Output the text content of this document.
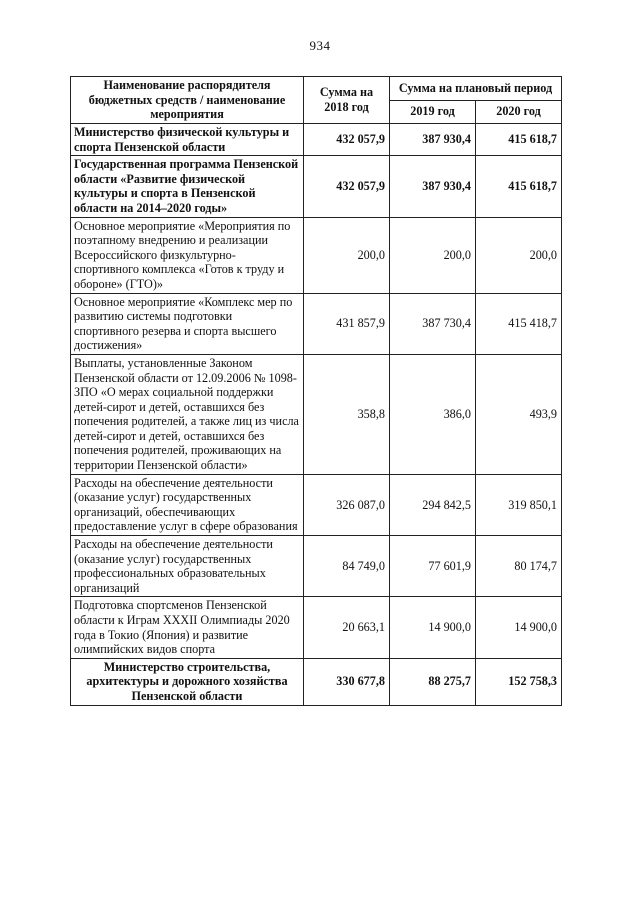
934
Наименование распорядителя бюджетных средств / наименование мероприятия	Сумма на 2018 год	Сумма на плановый период	
		2019 год	2020 год
Министерство физической культуры и спорта Пензенской области	432 057,9	387 930,4	415 618,7
Государственная программа Пензенской области «Развитие физической культуры и спорта в Пензенской области на 2014–2020 годы»	432 057,9	387 930,4	415 618,7
Основное мероприятие «Мероприятия по поэтапному внедрению и реализации Всероссийского физкультурно-спортивного комплекса «Готов к труду и обороне» (ГТО)»	200,0	200,0	200,0
Основное мероприятие «Комплекс мер по развитию системы подготовки спортивного резерва и спорта высшего достижения»	431 857,9	387 730,4	415 418,7
Выплаты, установленные Законом Пензенской области от 12.09.2006 № 1098-ЗПО «О мерах социальной поддержки детей-сирот и детей, оставшихся без попечения родителей, а также лиц из числа детей-сирот и детей, оставшихся без попечения родителей, проживающих на территории Пензенской области»	358,8	386,0	493,9
Расходы на обеспечение деятельности (оказание услуг) государственных организаций, обеспечивающих предоставление услуг в сфере образования	326 087,0	294 842,5	319 850,1
Расходы на обеспечение деятельности (оказание услуг) государственных профессиональных образовательных организаций	84 749,0	77 601,9	80 174,7
Подготовка спортсменов Пензенской области к Играм XXXII Олимпиады 2020 года в Токио (Япония) и развитие олимпийских видов спорта	20 663,1	14 900,0	14 900,0
Министерство строительства, архитектуры и дорожного хозяйства Пензенской области	330 677,8	88 275,7	152 758,3
